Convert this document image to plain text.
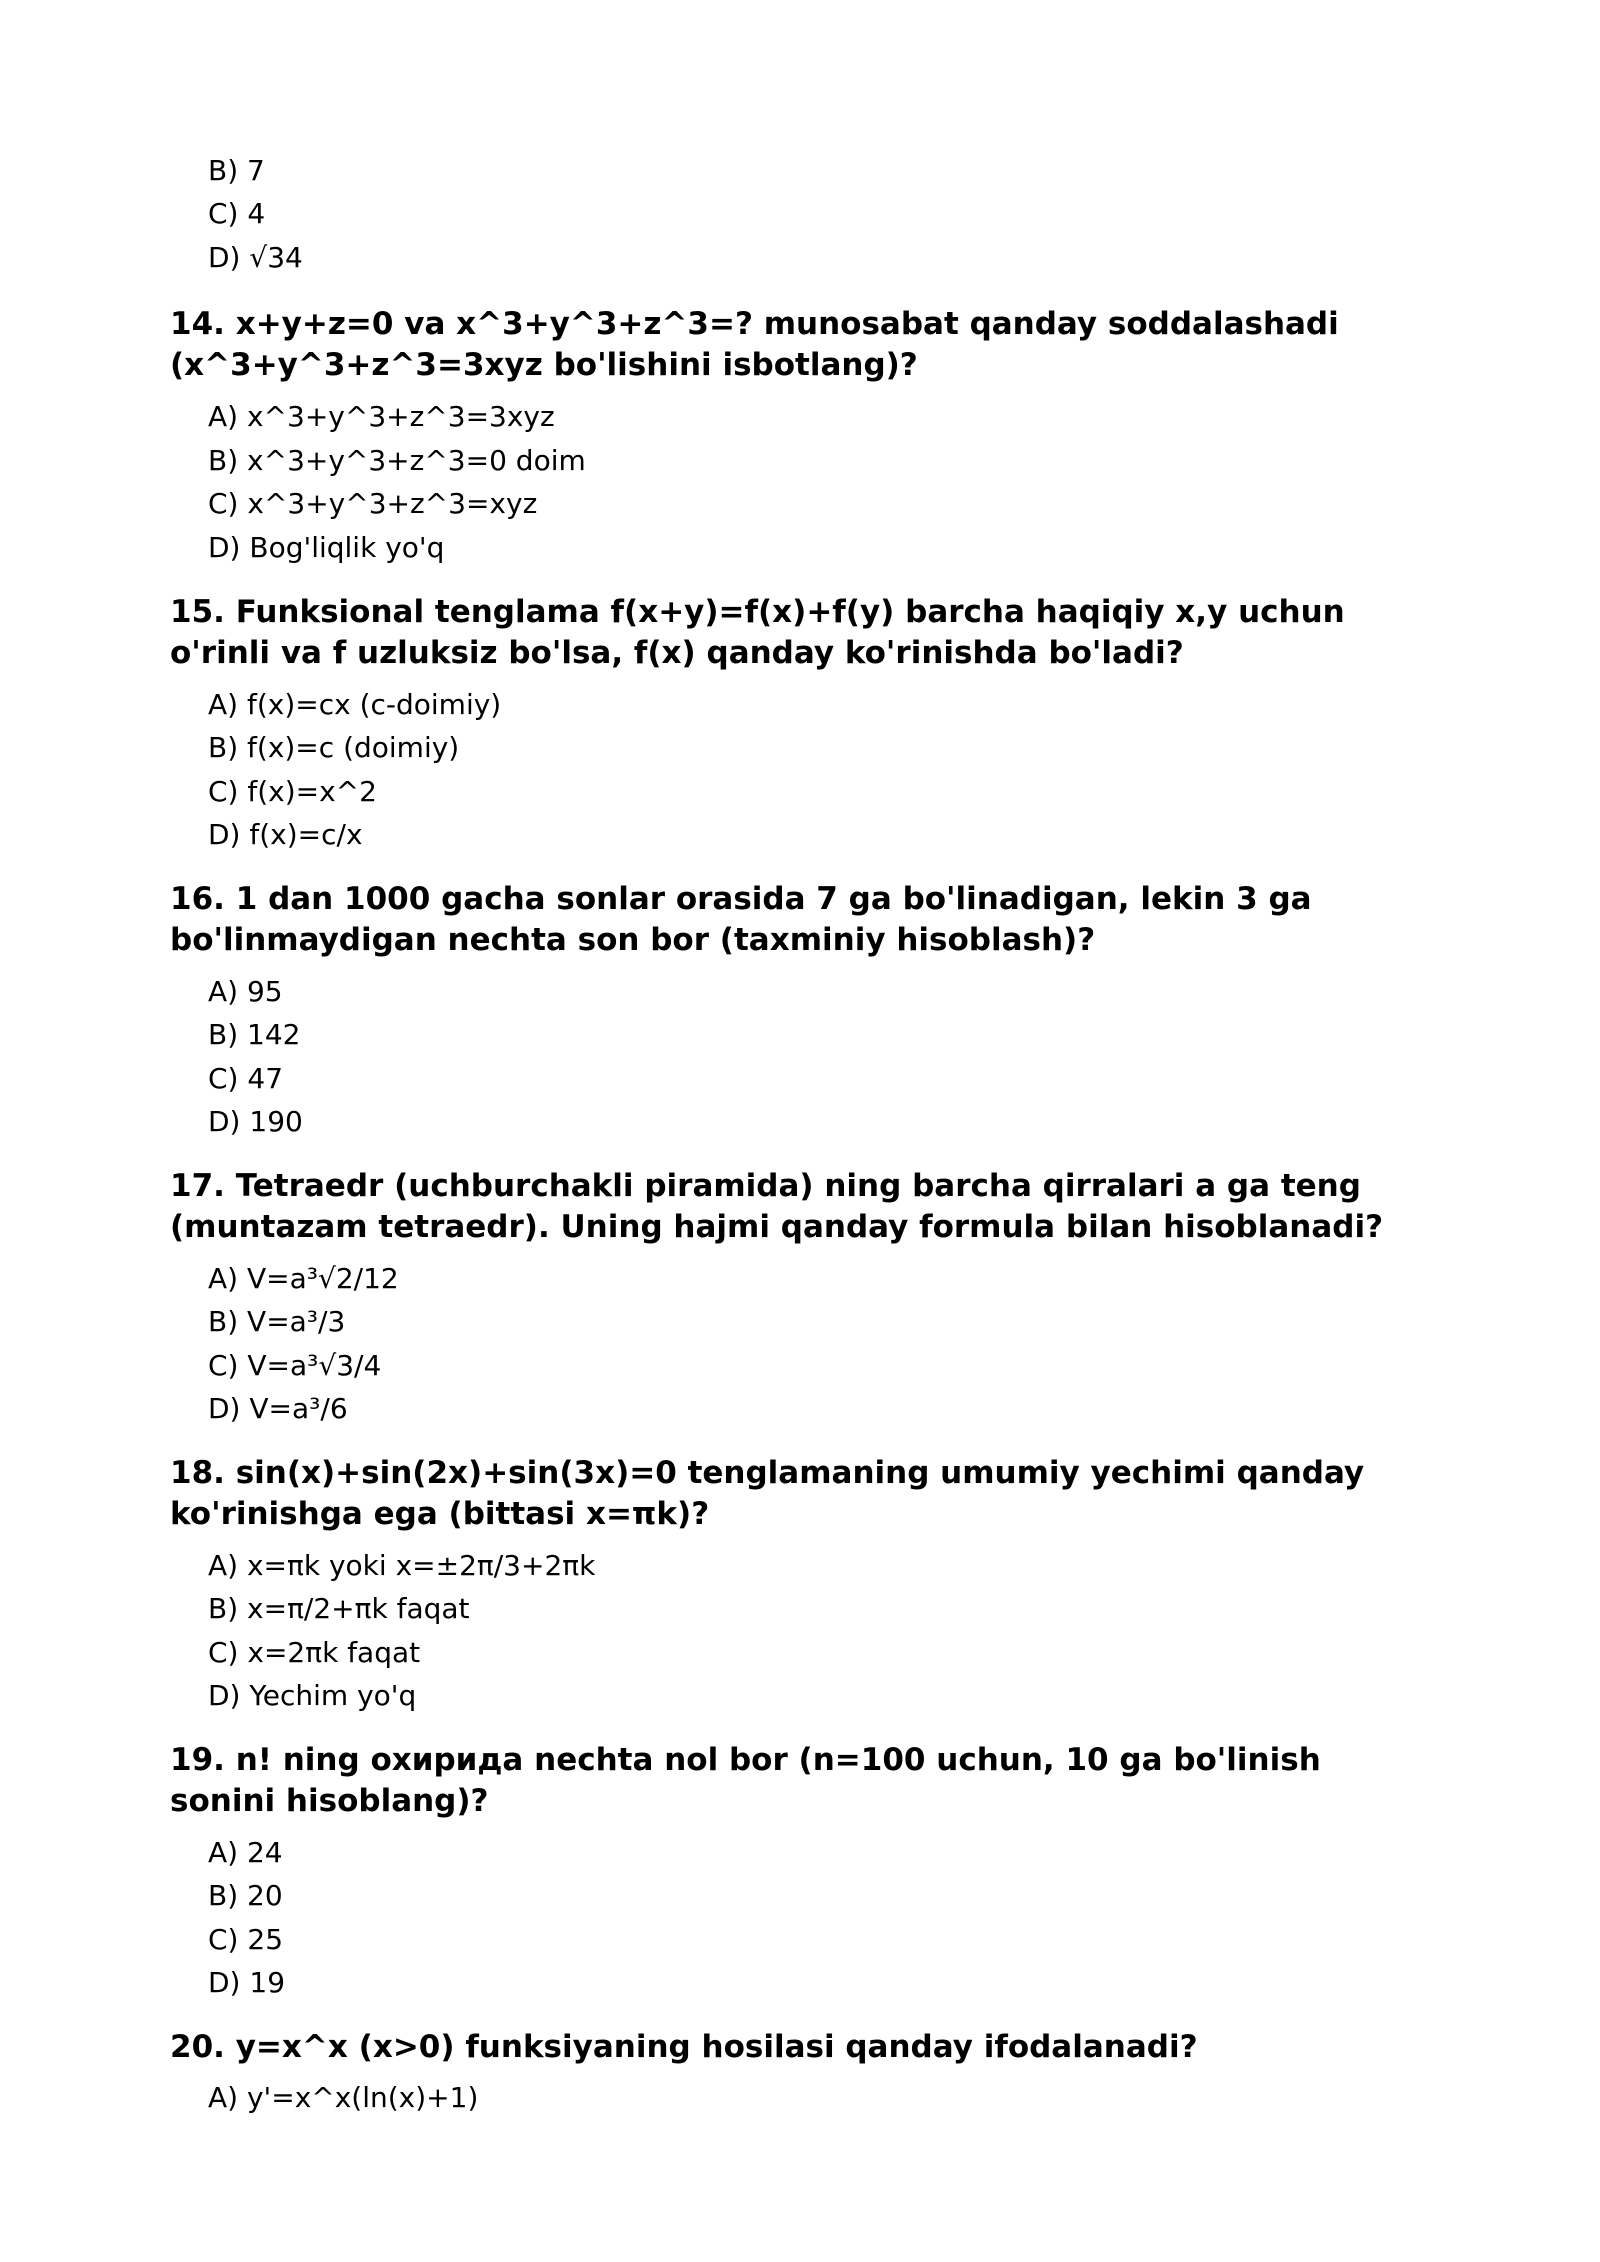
B) 7
C) 4
D) √34
14. x+y+z=0 va x^3+y^3+z^3=? munosabat qanday soddalashadi (x^3+y^3+z^3=3xyz bo'lishini isbotlang)?
A) x^3+y^3+z^3=3xyz
B) x^3+y^3+z^3=0 doim
C) x^3+y^3+z^3=xyz
D) Bog'liqlik yo'q
15. Funksional tenglama f(x+y)=f(x)+f(y) barcha haqiqiy x,y uchun o'rinli va f uzluksiz bo'lsa, f(x) qanday ko'rinishda bo'ladi?
A) f(x)=cx (c-doimiy)
B) f(x)=c (doimiy)
C) f(x)=x^2
D) f(x)=c/x
16. 1 dan 1000 gacha sonlar orasida 7 ga bo'linadigan, lekin 3 ga bo'linmaydigan nechta son bor (taxminiy hisoblash)?
A) 95
B) 142
C) 47
D) 190
17. Tetraedr (uchburchakli piramida) ning barcha qirralari a ga teng (muntazam tetraedr). Uning hajmi qanday formula bilan hisoblanadi?
A) V=a³√2/12
B) V=a³/3
C) V=a³√3/4
D) V=a³/6
18. sin(x)+sin(2x)+sin(3x)=0 tenglamaning umumiy yechimi qanday ko'rinishga ega (bittasi x=πk)?
A) x=πk yoki x=±2π/3+2πk
B) x=π/2+πk faqat
C) x=2πk faqat
D) Yechim yo'q
19. n! ning охирида nechta nol bor (n=100 uchun, 10 ga bo'linish sonini hisoblang)?
A) 24
B) 20
C) 25
D) 19
20. y=x^x (x>0) funksiyaning hosilasi qanday ifodalanadi?
A) y'=x^x(ln(x)+1)
